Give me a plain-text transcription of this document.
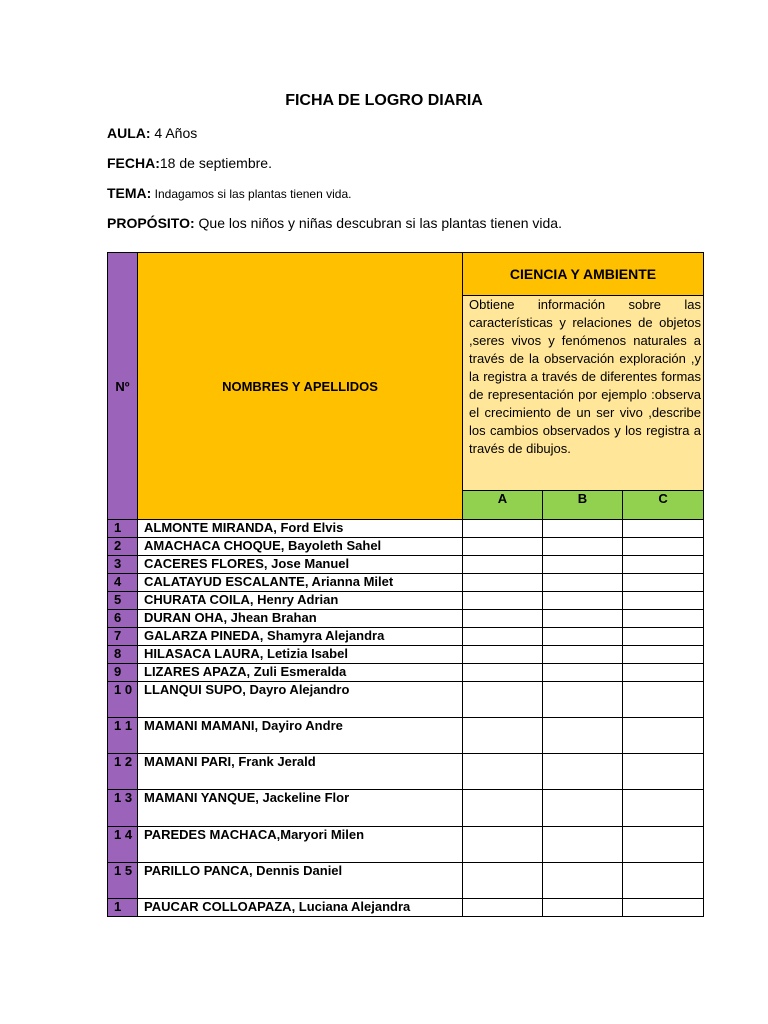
FICHA DE LOGRO DIARIA
AULA: 4 Años
FECHA:18 de septiembre.
TEMA: Indagamos si las plantas tienen vida.
PROPÓSITO: Que los niños y niñas descubran si las plantas tienen vida.
Nº	NOMBRES Y APELLIDOS	CIENCIA Y AMBIENTE		
		Obtiene información sobre las características y relaciones de objetos ,seres vivos y fenómenos naturales a través de la observación exploración ,y la registra a través de diferentes formas de representación por ejemplo :observa el crecimiento de un ser vivo ,describe los cambios observados y los registra a través de dibujos.		
		A	B	C
1	ALMONTE MIRANDA, Ford Elvis			
2	AMACHACA CHOQUE, Bayoleth Sahel			
3	CACERES FLORES, Jose Manuel			
4	CALATAYUD ESCALANTE, Arianna Milet			
5	CHURATA COILA, Henry Adrian			
6	DURAN OHA, Jhean Brahan			
7	GALARZA PINEDA, Shamyra Alejandra			
8	HILASACA LAURA, Letizia Isabel			
9	LIZARES APAZA, Zuli Esmeralda			
1 0	LLANQUI SUPO, Dayro Alejandro			
1 1	MAMANI MAMANI, Dayiro Andre			
1 2	MAMANI PARI, Frank Jerald			
1 3	MAMANI YANQUE, Jackeline Flor			
1 4	PAREDES MACHACA,Maryori Milen			
1 5	PARILLO PANCA, Dennis Daniel			
1	PAUCAR COLLOAPAZA, Luciana Alejandra			
